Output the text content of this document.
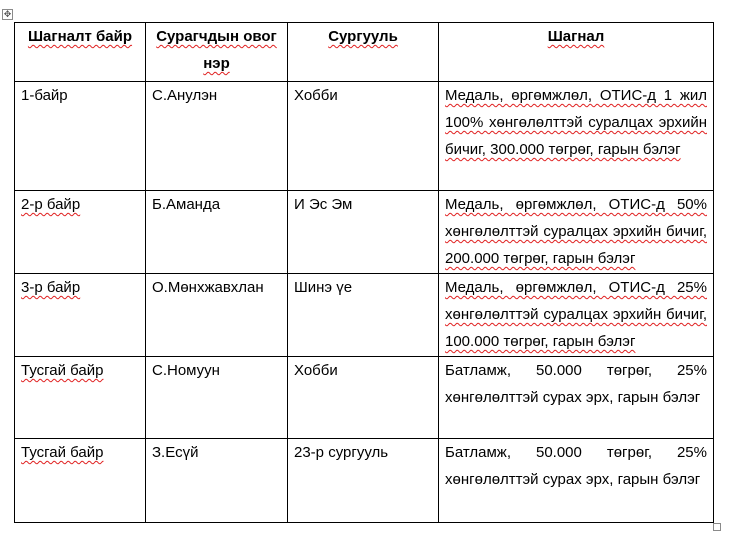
✥
Шагналт байр	Сурагчдын овог нэр	Сургууль	Шагнал
1-байр	С.Анулэн	Хобби	Медаль, өргөмжлөл, ОТИС-д 1 жил 100% хөнгөлөлттэй суралцах эрхийн бичиг, 300.000 төгрөг, гарын бэлэг
2-р байр	Б.Аманда	И Эс Эм	Медаль, өргөмжлөл, ОТИС-д 50% хөнгөлөлттэй суралцах эрхийн бичиг, 200.000 төгрөг, гарын бэлэг
3-р байр	О.Мөнхжавхлан	Шинэ үе	Медаль, өргөмжлөл, ОТИС-д 25% хөнгөлөлттэй суралцах эрхийн бичиг, 100.000 төгрөг, гарын бэлэг
Тусгай байр	С.Номуун	Хобби	Батламж, 50.000 төгрөг, 25% хөнгөлөлттэй сурах эрх, гарын бэлэг
Тусгай байр	З.Есүй	23-р сургууль	Батламж, 50.000 төгрөг, 25% хөнгөлөлттэй сурах эрх, гарын бэлэг
